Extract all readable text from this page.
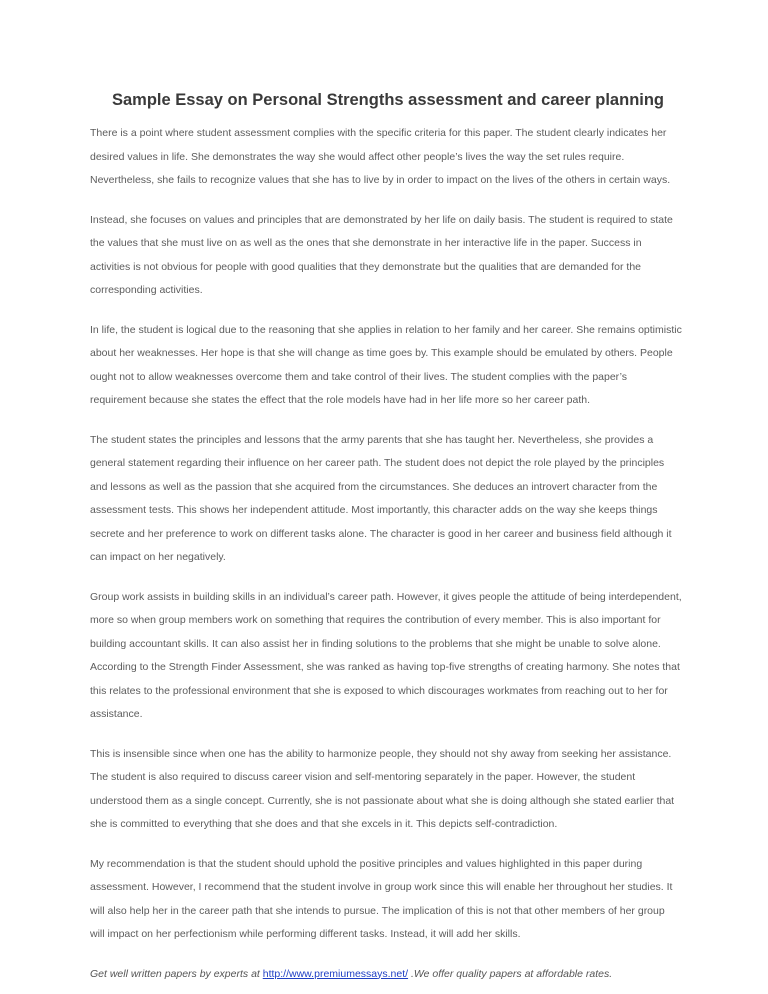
Sample Essay on Personal Strengths assessment and career planning

There is a point where student assessment complies with the specific criteria for this paper. The student clearly indicates her desired values in life. She demonstrates the way she would affect other people’s lives the way the set rules require. Nevertheless, she fails to recognize values that she has to live by in order to impact on the lives of the others in certain ways.

Instead, she focuses on values and principles that are demonstrated by her life on daily basis. The student is required to state the values that she must live on as well as the ones that she demonstrate in her interactive life in the paper. Success in activities is not obvious for people with good qualities that they demonstrate but the qualities that are demanded for the corresponding activities.

In life, the student is logical due to the reasoning that she applies in relation to her family and her career. She remains optimistic about her weaknesses. Her hope is that she will change as time goes by. This example should be emulated by others. People ought not to allow weaknesses overcome them and take control of their lives. The student complies with the paper’s requirement because she states the effect that the role models have had in her life more so her career path.

The student states the principles and lessons that the army parents that she has taught her. Nevertheless, she provides a general statement regarding their influence on her career path. The student does not depict the role played by the principles and lessons as well as the passion that she acquired from the circumstances. She deduces an introvert character from the assessment tests. This shows her independent attitude. Most importantly, this character adds on the way she keeps things secrete and her preference to work on different tasks alone. The character is good in her career and business field although it can impact on her negatively.

Group work assists in building skills in an individual’s career path. However, it gives people the attitude of being interdependent, more so when group members work on something that requires the contribution of every member. This is also important for building accountant skills. It can also assist her in finding solutions to the problems that she might be unable to solve alone. According to the Strength Finder Assessment, she was ranked as having top-five strengths of creating harmony. She notes that this relates to the professional environment that she is exposed to which discourages workmates from reaching out to her for assistance.

This is insensible since when one has the ability to harmonize people, they should not shy away from seeking her assistance. The student is also required to discuss career vision and self-mentoring separately in the paper. However, the student understood them as a single concept. Currently, she is not passionate about what she is doing although she stated earlier that she is committed to everything that she does and that she excels in it. This depicts self-contradiction.

My recommendation is that the student should uphold the positive principles and values highlighted in this paper during assessment. However, I recommend that the student involve in group work since this will enable her throughout her studies. It will also help her in the career path that she intends to pursue. The implication of this is not that other members of her group will impact on her perfectionism while performing different tasks. Instead, it will add her skills.

Get well written papers by experts at http://www.premiumessays.net/ .We offer quality papers at affordable rates.
